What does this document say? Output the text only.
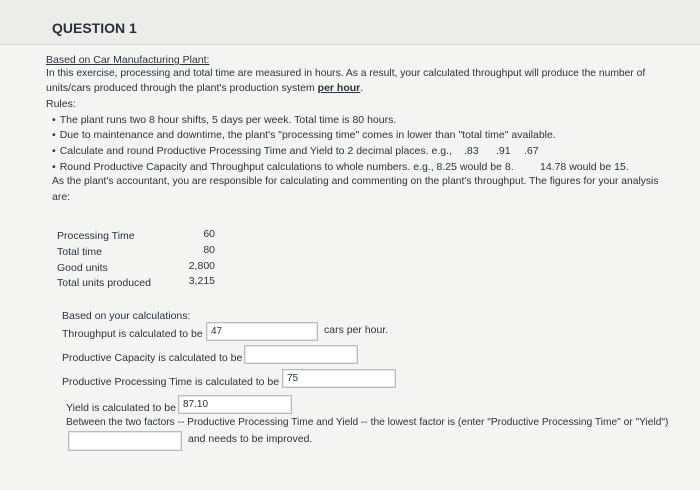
QUESTION 1
Based on Car Manufacturing Plant:
In this exercise, processing and total time are measured in hours. As a result, your calculated throughput will produce the number of
units/cars produced through the plant's production system per hour.
Rules:
• The plant runs two 8 hour shifts, 5 days per week. Total time is 80 hours.
• Due to maintenance and downtime, the plant's "processing time" comes in lower than "total time" available.
• Calculate and round Productive Processing Time and Yield to 2 decimal places. e.g., .83 .91 .67
• Round Productive Capacity and Throughput calculations to whole numbers. e.g., 8.25 would be 8.	14.78 would be 15.
As the plant's accountant, you are responsible for calculating and commenting on the plant's throughput. The figures for your analysis
are:
Processing Time	60
Total time	80
Good units	2,800
Total units produced	3,215
Based on your calculations:
Throughput is calculated to be 47	cars per hour.
Productive Capacity is calculated to be
Productive Processing Time is calculated to be 75
Yield is calculated to be 87.10
Between the two factors -- Productive Processing Time and Yield -- the lowest factor is (enter "Productive Processing Time" or "Yield")
and needs to be improved.
